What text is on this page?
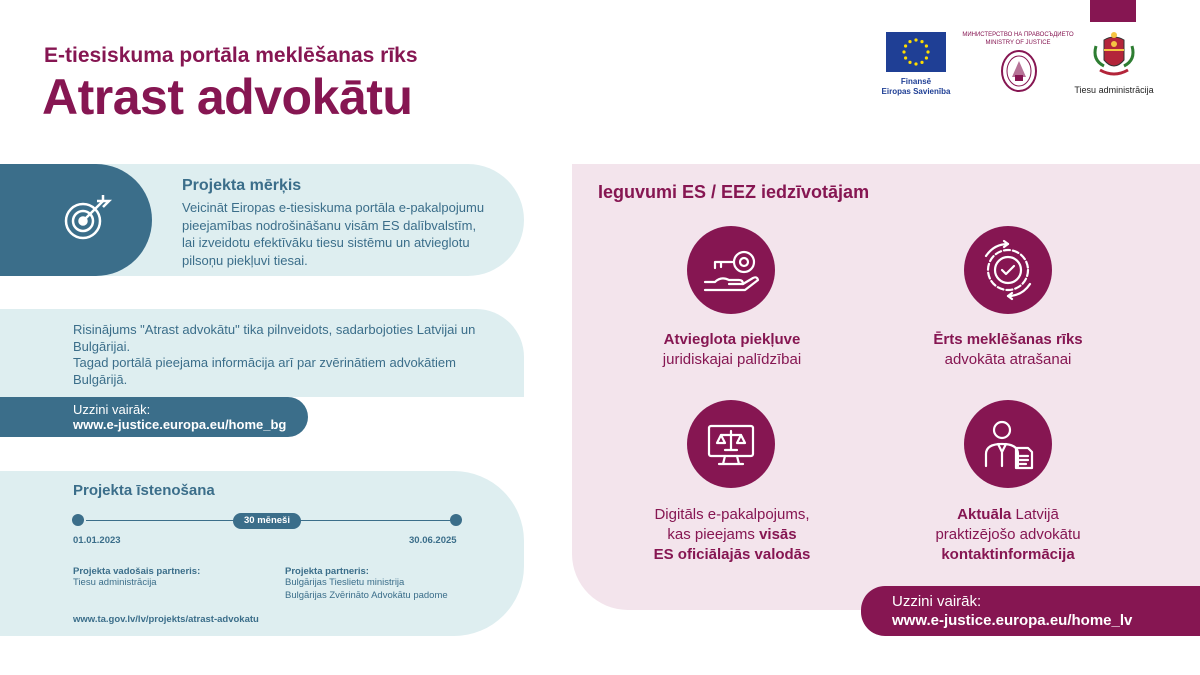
E-tiesiskuma portāla meklēšanas rīks
Atrast advokātu	Finansē
Eiropas Savienība
МИНИСТЕРСТВО НА ПРАВОСЪДИЕТО
MINISTRY OF JUSTICE
Tiesu administrācija
Projekta mērķis
Veicināt Eiropas e-tiesiskuma portāla e-pakalpojumu pieejamības nodrošināšanu visām ES dalībvalstīm, lai izveidotu efektīvāku tiesu sistēmu un atvieglotu pilsoņu piekļuvi tiesai.
Risinājums "Atrast advokātu" tika pilnveidots, sadarbojoties Latvijai un Bulgārijai.
Tagad portālā pieejama informācija arī par zvērinātiem advokātiem Bulgārijā.
Uzzini vairāk:
www.e-justice.europa.eu/home_bg
Projekta īstenošana
30 mēneši
01.01.2023	30.06.2025
Projekta vadošais partneris:
Tiesu administrācija
Projekta partneris:
Bulgārijas Tieslietu ministrija
Bulgārijas Zvērināto Advokātu padome
www.ta.gov.lv/lv/projekts/atrast-advokatu
Ieguvumi ES / EEZ iedzīvotājam
Atvieglota piekļuve
juridiskajai palīdzībai
Ērts meklēšanas rīks
advokāta atrašanai
Digitāls e-pakalpojums,
kas pieejams visās
ES oficiālajās valodās
Aktuāla Latvijā
praktizējošo advokātu
kontaktinformācija
Uzzini vairāk:
www.e-justice.europa.eu/home_lv
